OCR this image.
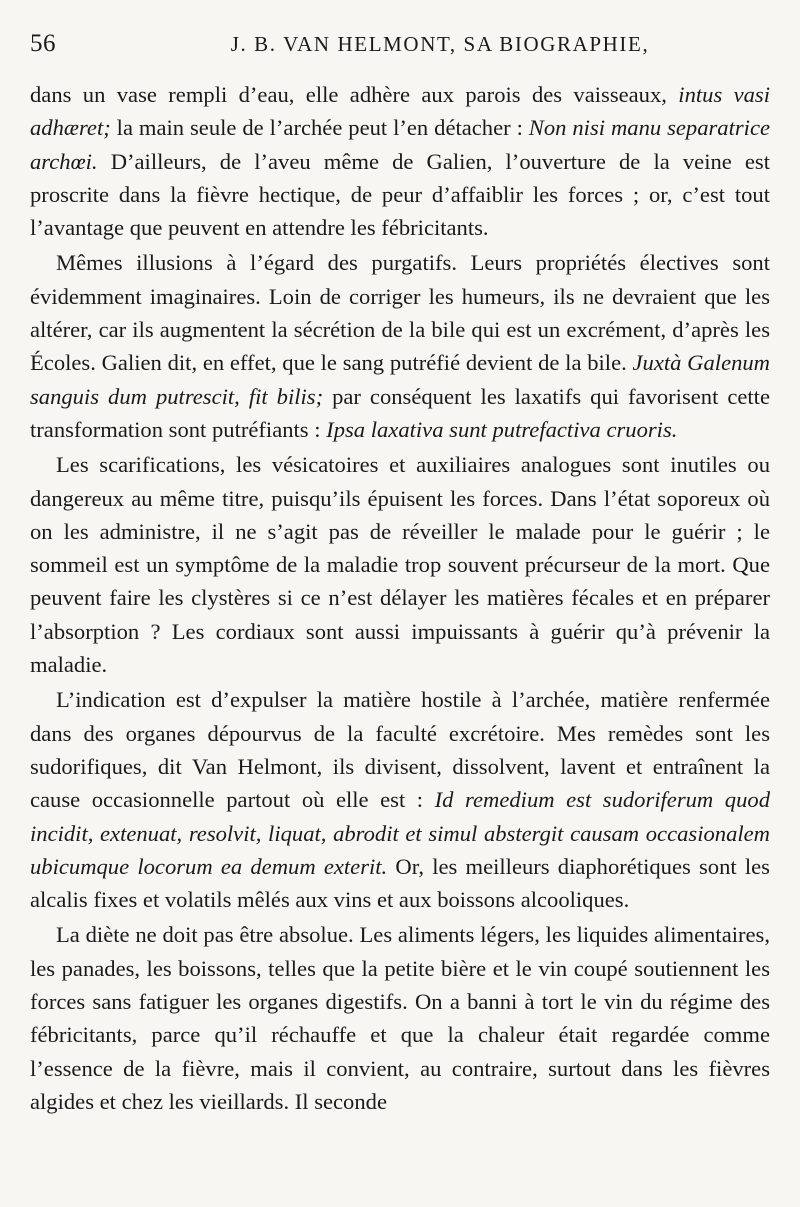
56	J. B. VAN HELMONT, SA BIOGRAPHIE,

dans un vase rempli d’eau, elle adhère aux parois des vaisseaux, intus vasi adhæret; la main seule de l’archée peut l’en détacher : Non nisi manu separatrice archœi. D’ailleurs, de l’aveu même de Galien, l’ouverture de la veine est proscrite dans la fièvre hectique, de peur d’affaiblir les forces ; or, c’est tout l’avantage que peuvent en attendre les fébricitants.

Mêmes illusions à l’égard des purgatifs. Leurs propriétés électives sont évidemment imaginaires. Loin de corriger les humeurs, ils ne devraient que les altérer, car ils augmentent la sécrétion de la bile qui est un excrément, d’après les Écoles. Galien dit, en effet, que le sang putréfié devient de la bile. Juxtà Galenum sanguis dum putrescit, fit bilis; par conséquent les laxatifs qui favorisent cette transformation sont putréfiants : Ipsa laxativa sunt putrefactiva cruoris.

Les scarifications, les vésicatoires et auxiliaires analogues sont inutiles ou dangereux au même titre, puisqu’ils épuisent les forces. Dans l’état soporeux où on les administre, il ne s’agit pas de réveiller le malade pour le guérir ; le sommeil est un symptôme de la maladie trop souvent précurseur de la mort. Que peuvent faire les clystères si ce n’est délayer les matières fécales et en préparer l’absorption ? Les cordiaux sont aussi impuissants à guérir qu’à prévenir la maladie.

L’indication est d’expulser la matière hostile à l’archée, matière renfermée dans des organes dépourvus de la faculté excrétoire. Mes remèdes sont les sudorifiques, dit Van Helmont, ils divisent, dissolvent, lavent et entraînent la cause occasionnelle partout où elle est : Id remedium est sudoriferum quod incidit, extenuat, resolvit, liquat, abrodit et simul abstergit causam occasionalem ubicumque locorum ea demum exterit. Or, les meilleurs diaphorétiques sont les alcalis fixes et volatils mêlés aux vins et aux boissons alcooliques.

La diète ne doit pas être absolue. Les aliments légers, les liquides alimentaires, les panades, les boissons, telles que la petite bière et le vin coupé soutiennent les forces sans fatiguer les organes digestifs. On a banni à tort le vin du régime des fébricitants, parce qu’il réchauffe et que la chaleur était regardée comme l’essence de la fièvre, mais il convient, au contraire, surtout dans les fièvres algides et chez les vieillards. Il seconde
